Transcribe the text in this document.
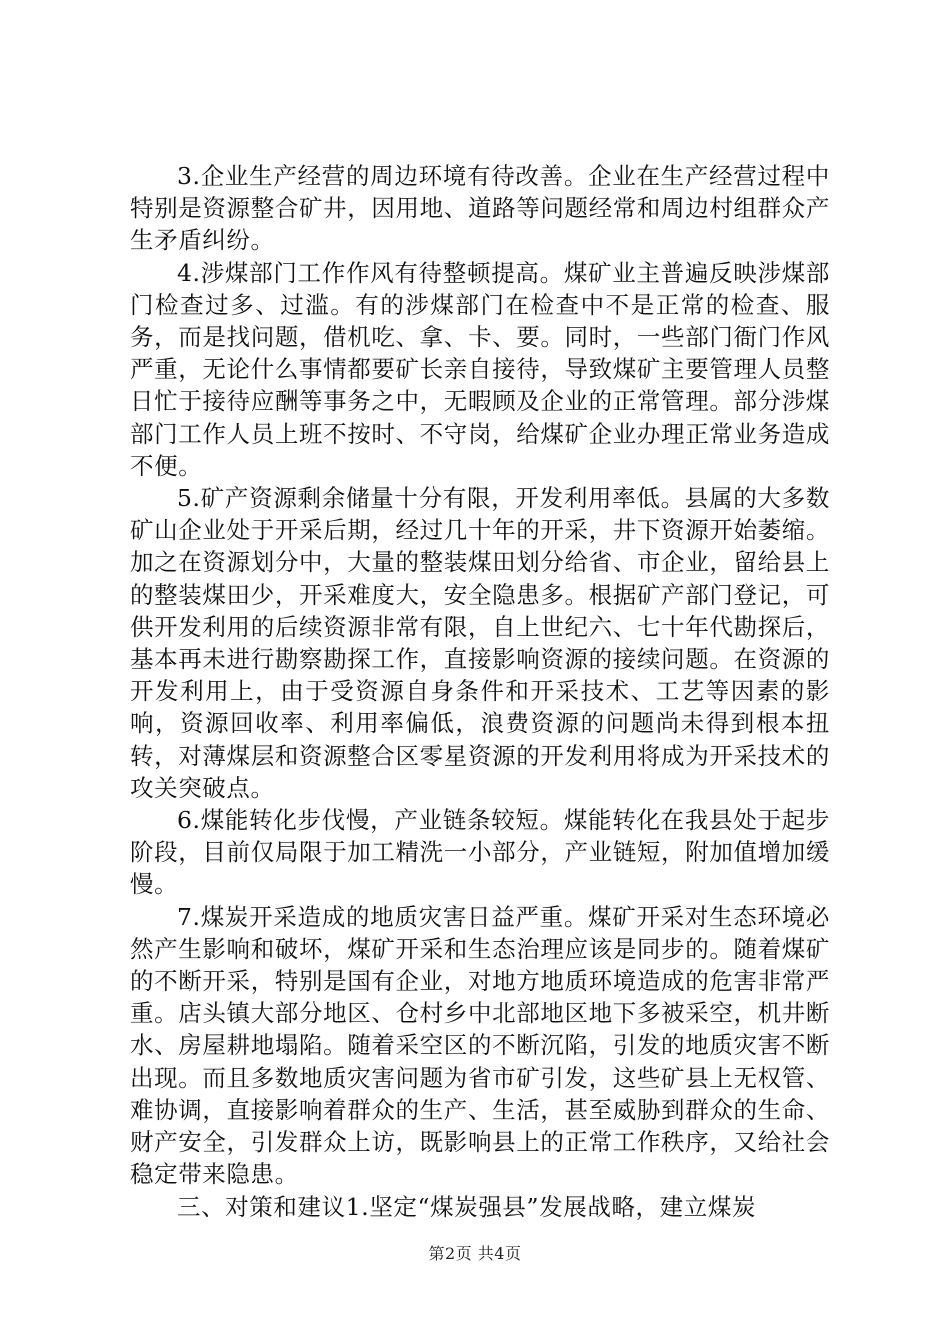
3.企业生产经营的周边环境有待改善。企业在生产经营过程中特别是资源整合矿井，因用地、道路等问题经常和周边村组群众产生矛盾纠纷。

4.涉煤部门工作作风有待整顿提高。煤矿业主普遍反映涉煤部门检查过多、过滥。有的涉煤部门在检查中不是正常的检查、服务，而是找问题，借机吃、拿、卡、要。同时，一些部门衙门作风严重，无论什么事情都要矿长亲自接待，导致煤矿主要管理人员整日忙于接待应酬等事务之中，无暇顾及企业的正常管理。部分涉煤部门工作人员上班不按时、不守岗，给煤矿企业办理正常业务造成不便。

5.矿产资源剩余储量十分有限，开发利用率低。县属的大多数矿山企业处于开采后期，经过几十年的开采，井下资源开始萎缩。加之在资源划分中，大量的整装煤田划分给省、市企业，留给县上的整装煤田少，开采难度大，安全隐患多。根据矿产部门登记，可供开发利用的后续资源非常有限，自上世纪六、七十年代勘探后，基本再未进行勘察勘探工作，直接影响资源的接续问题。在资源的开发利用上，由于受资源自身条件和开采技术、工艺等因素的影响，资源回收率、利用率偏低，浪费资源的问题尚未得到根本扭转，对薄煤层和资源整合区零星资源的开发利用将成为开采技术的攻关突破点。

6.煤能转化步伐慢，产业链条较短。煤能转化在我县处于起步阶段，目前仅局限于加工精洗一小部分，产业链短，附加值增加缓慢。

7.煤炭开采造成的地质灾害日益严重。煤矿开采对生态环境必然产生影响和破坏，煤矿开采和生态治理应该是同步的。随着煤矿的不断开采，特别是国有企业，对地方地质环境造成的危害非常严重。店头镇大部分地区、仓村乡中北部地区地下多被采空，机井断水、房屋耕地塌陷。随着采空区的不断沉陷，引发的地质灾害不断出现。而且多数地质灾害问题为省市矿引发，这些矿县上无权管、难协调，直接影响着群众的生产、生活，甚至威胁到群众的生命、财产安全，引发群众上访，既影响县上的正常工作秩序，又给社会稳定带来隐患。

三、对策和建议1.坚定“煤炭强县”发展战略，建立煤炭

第2页 共4页
